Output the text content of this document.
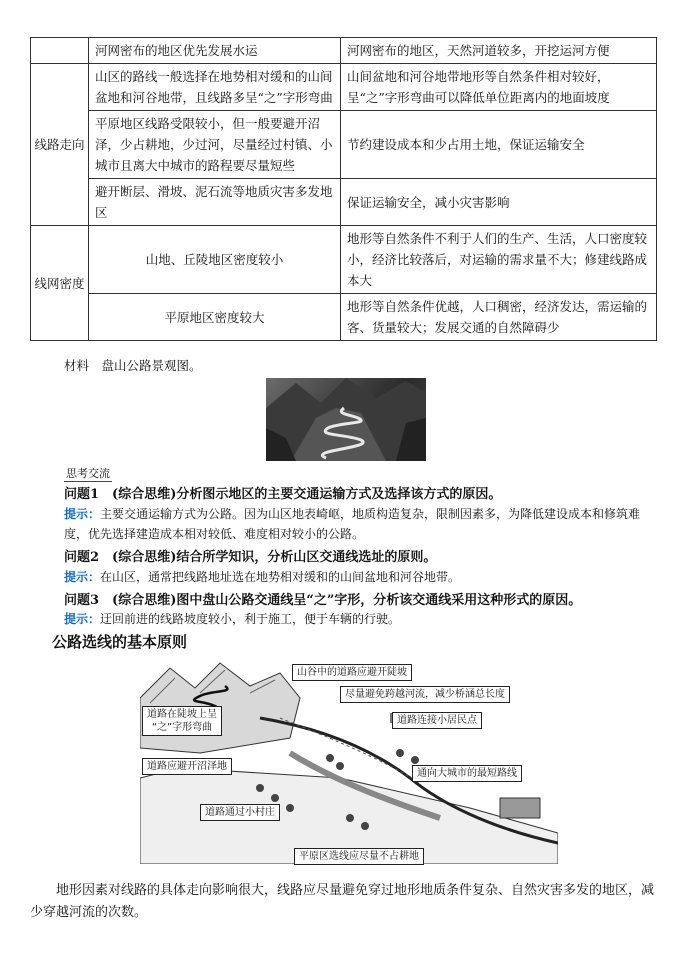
	河网密布的地区优先发展水运	河网密布的地区，天然河道较多，开挖运河方便
线路走向	山区的路线一般选择在地势相对缓和的山间盆地和河谷地带，且线路多呈“之”字形弯曲	山间盆地和河谷地带地形等自然条件相对较好，呈“之”字形弯曲可以降低单位距离内的地面坡度
	平原地区线路受限较小，但一般要避开沼泽，少占耕地，少过河，尽量经过村镇、小城市且离大中城市的路程要尽量短些	节约建设成本和少占用土地，保证运输安全
	避开断层、滑坡、泥石流等地质灾害多发地区	保证运输安全，减小灾害影响
线网密度	山地、丘陵地区密度较小	地形等自然条件不利于人们的生产、生活，人口密度较小，经济比较落后，对运输的需求量不大；修建线路成本大
	平原地区密度较大	地形等自然条件优越，人口稠密，经济发达，需运输的客、货量较大；发展交通的自然障碍少
材料　盘山公路景观图。
思考交流
问题1　(综合思维)分析图示地区的主要交通运输方式及选择该方式的原因。
提示：主要交通运输方式为公路。因为山区地表崎岖，地质构造复杂，限制因素多，为降低建设成本和修筑难度，优先选择建造成本相对较低、难度相对较小的公路。
问题2　(综合思维)结合所学知识，分析山区交通线选址的原则。
提示：在山区，通常把线路地址选在地势相对缓和的山间盆地和河谷地带。
问题3　(综合思维)图中盘山公路交通线呈“之”字形，分析该交通线采用这种形式的原因。
提示：迂回前进的线路坡度较小，利于施工，便于车辆的行驶。
公路选线的基本原则
山谷中的道路应避开陡坡
尽量避免跨越河流，减少桥涵总长度
道路在陡坡上呈
“之”字形弯曲
道路连接小居民点
道路应避开沼泽地
通向大城市的最短路线
道路通过小村庄
平原区选线应尽量不占耕地
地形因素对线路的具体走向影响很大，线路应尽量避免穿过地形地质条件复杂、自然灾害多发的地区，减少穿越河流的次数。
